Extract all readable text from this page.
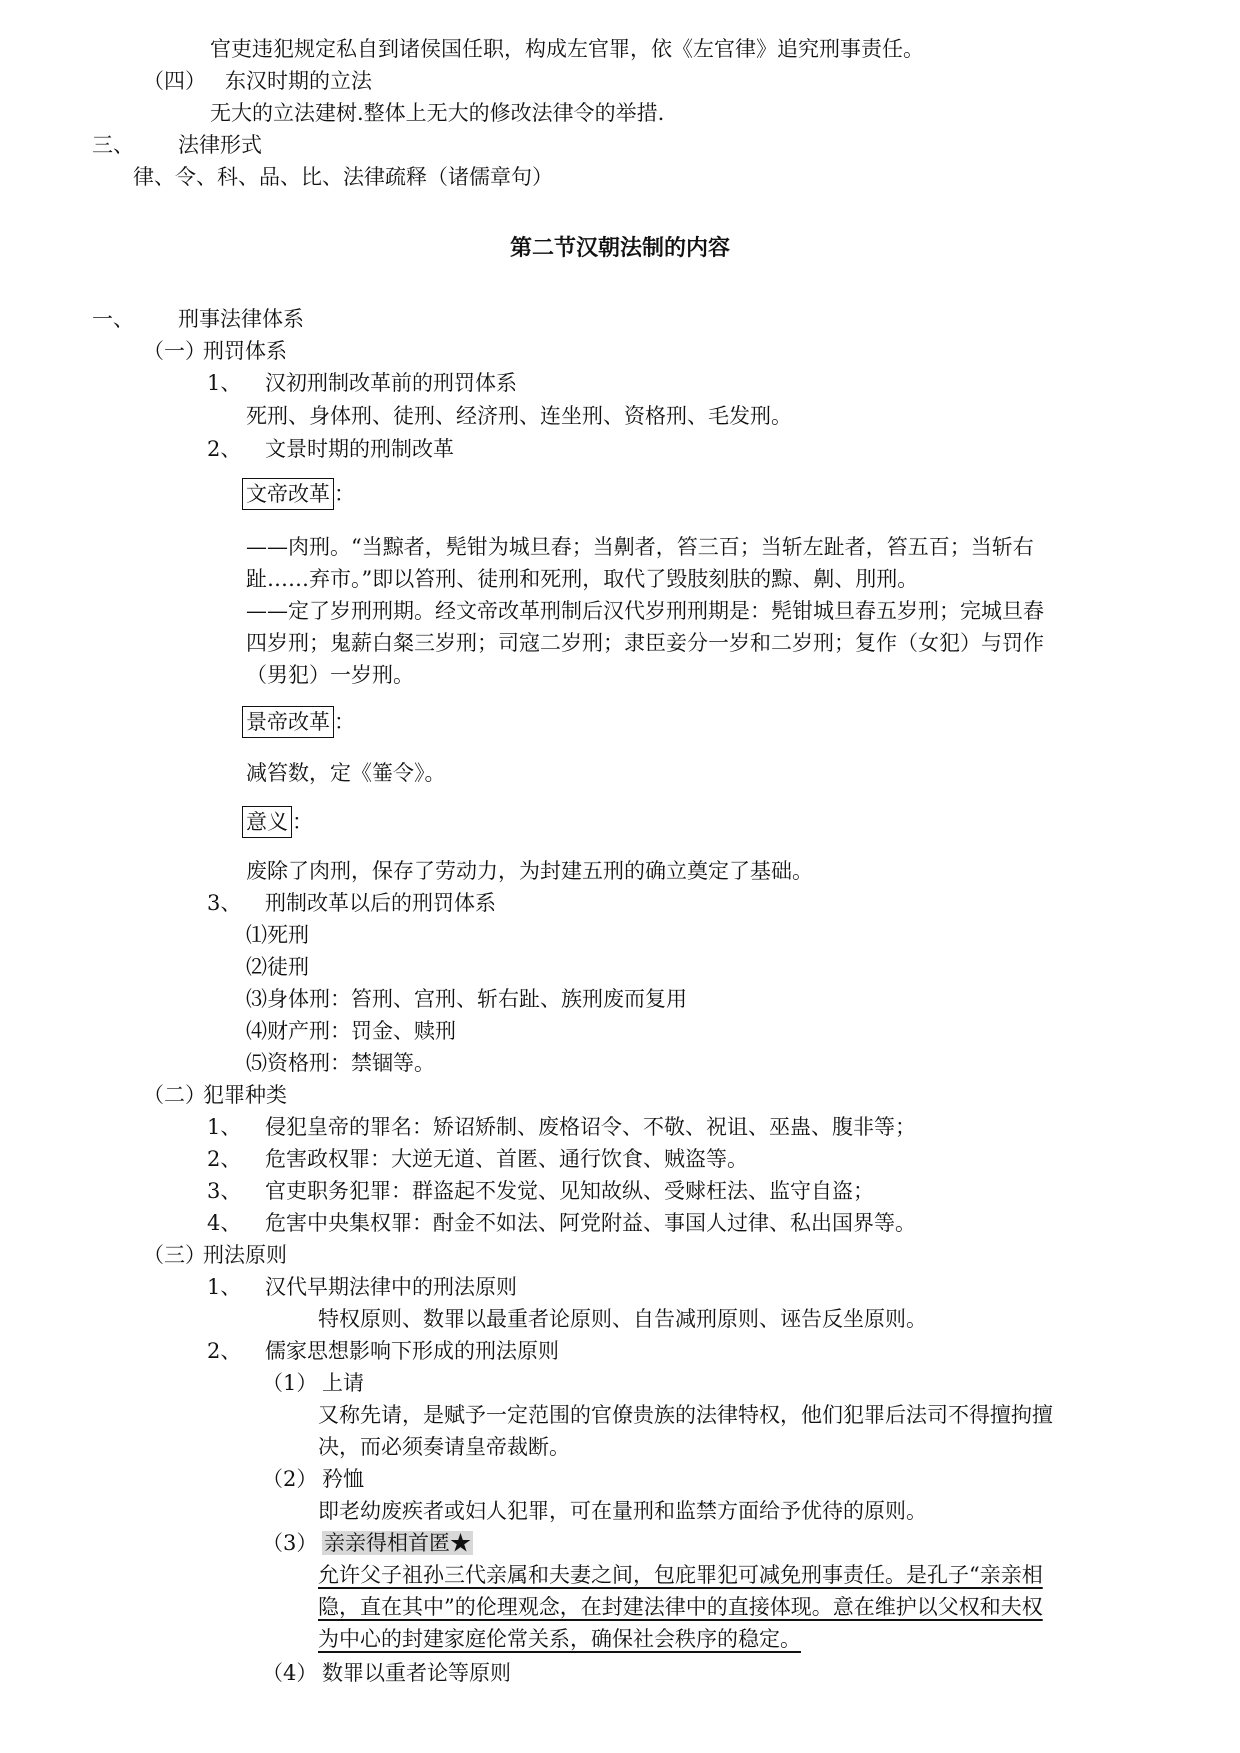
官吏违犯规定私自到诸侯国任职，构成左官罪，依《左官律》追究刑事责任。
（四） 东汉时期的立法
无大的立法建树.整体上无大的修改法律令的举措.
三、 法律形式
律、令、科、品、比、法律疏释（诸儒章句）
第二节汉朝法制的内容
一、 刑事法律体系
（一）刑罚体系
1、 汉初刑制改革前的刑罚体系
死刑、身体刑、徒刑、经济刑、连坐刑、资格刑、毛发刑。
2、 文景时期的刑制改革
文帝改革 ：
——肉刑。“当黥者，髡钳为城旦舂；当劓者，笞三百；当斩左趾者，笞五百；当斩右
趾……弃市。”即以笞刑、徒刑和死刑，取代了毁肢刻肤的黥、劓、刖刑。
——定了岁刑刑期。经文帝改革刑制后汉代岁刑刑期是：髡钳城旦舂五岁刑；完城旦舂
四岁刑；鬼薪白粲三岁刑；司寇二岁刑；隶臣妾分一岁和二岁刑；复作（女犯）与罚作
（男犯）一岁刑。
景帝改革 ：
减笞数，定《箠令》。
意义 ：
废除了肉刑，保存了劳动力，为封建五刑的确立奠定了基础。
3、 刑制改革以后的刑罚体系
⑴死刑
⑵徒刑
⑶身体刑：笞刑、宫刑、斩右趾、族刑废而复用
⑷财产刑：罚金、赎刑
⑸资格刑：禁锢等。
（二）犯罪种类
1、 侵犯皇帝的罪名：矫诏矫制、废格诏令、不敬、祝诅、巫蛊、腹非等；
2、 危害政权罪：大逆无道、首匿、通行饮食、贼盗等。
3、 官吏职务犯罪：群盗起不发觉、见知故纵、受赇枉法、监守自盗；
4、 危害中央集权罪：酎金不如法、阿党附益、事国人过律、私出国界等。
（三）刑法原则
1、 汉代早期法律中的刑法原则
特权原则、数罪以最重者论原则、自告减刑原则、诬告反坐原则。
2、 儒家思想影响下形成的刑法原则
（1） 上请
又称先请，是赋予一定范围的官僚贵族的法律特权，他们犯罪后法司不得擅拘擅
决，而必须奏请皇帝裁断。
（2） 矜恤
即老幼废疾者或妇人犯罪，可在量刑和监禁方面给予优待的原则。
（3） 亲亲得相首匿★
允许父子祖孙三代亲属和夫妻之间，包庇罪犯可减免刑事责任。是孔子“亲亲相
隐，直在其中”的伦理观念，在封建法律中的直接体现。意在维护以父权和夫权
为中心的封建家庭伦常关系，确保社会秩序的稳定。
（4） 数罪以重者论等原则
